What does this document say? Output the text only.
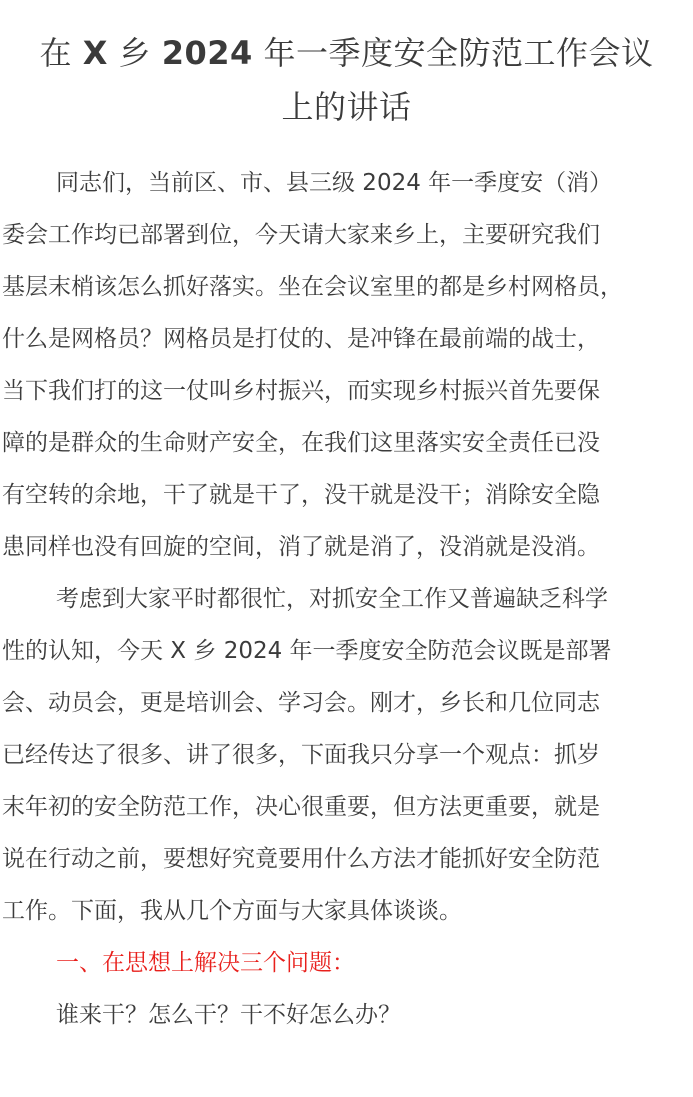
在 X 乡 2024 年一季度安全防范工作会议
上的讲话
同志们，当前区、市、县三级 2024 年一季度安（消）
委会工作均已部署到位，今天请大家来乡上，主要研究我们
基层末梢该怎么抓好落实。坐在会议室里的都是乡村网格员，
什么是网格员？网格员是打仗的、是冲锋在最前端的战士，
当下我们打的这一仗叫乡村振兴，而实现乡村振兴首先要保
障的是群众的生命财产安全，在我们这里落实安全责任已没
有空转的余地，干了就是干了，没干就是没干；消除安全隐
患同样也没有回旋的空间，消了就是消了，没消就是没消。
考虑到大家平时都很忙，对抓安全工作又普遍缺乏科学
性的认知，今天 X 乡 2024 年一季度安全防范会议既是部署
会、动员会，更是培训会、学习会。刚才，乡长和几位同志
已经传达了很多、讲了很多，下面我只分享一个观点：抓岁
末年初的安全防范工作，决心很重要，但方法更重要，就是
说在行动之前，要想好究竟要用什么方法才能抓好安全防范
工作。下面，我从几个方面与大家具体谈谈。
一、在思想上解决三个问题：
谁来干？怎么干？干不好怎么办？
